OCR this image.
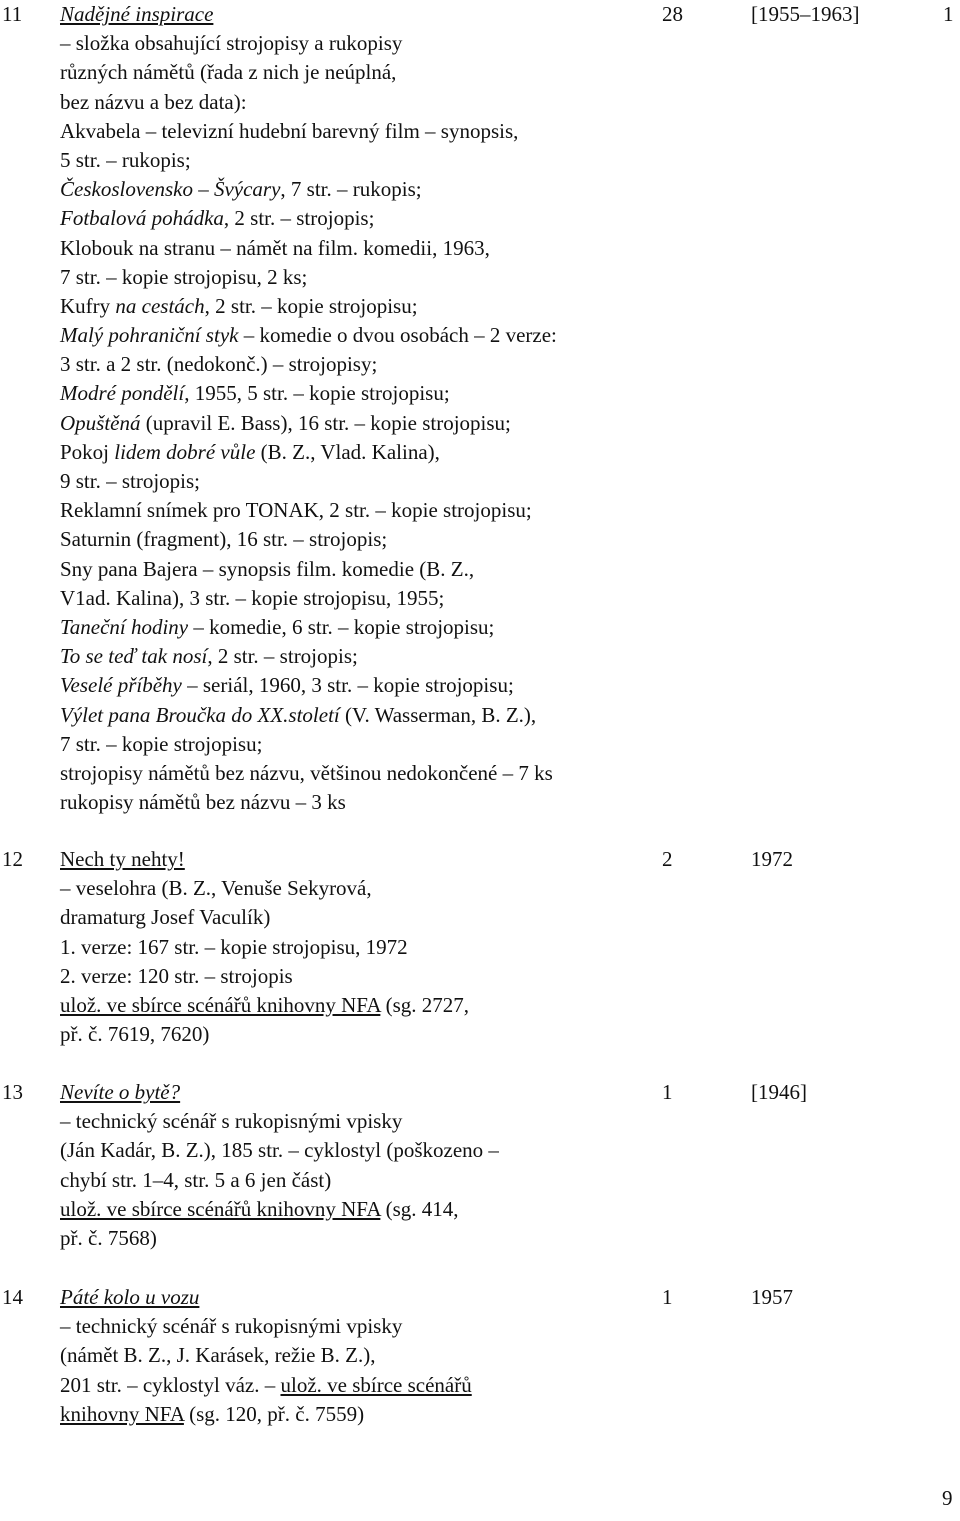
11 Nadějné inspirace
– složka obsahující strojopisy a rukopisy
různých námětů (řada z nich je neúplná,
bez názvu a bez data):
Akvabela – televizní hudební barevný film – synopsis,
5 str. – rukopis;
Československo – Švýcary, 7 str. – rukopis;
Fotbalová pohádka, 2 str. – strojopis;
Klobouk na stranu – námět na film. komedii, 1963,
7 str. – kopie strojopisu, 2 ks;
Kufry na cestách, 2 str. – kopie strojopisu;
Malý pohraniční styk – komedie o dvou osobách – 2 verze:
3 str. a 2 str. (nedokonč.) – strojopisy;
Modré pondělí, 1955, 5 str. – kopie strojopisu;
Opuštěná (upravil E. Bass), 16 str. – kopie strojopisu;
Pokoj lidem dobré vůle (B. Z., Vlad. Kalina),
9 str. – strojopis;
Reklamní snímek pro TONAK, 2 str. – kopie strojopisu;
Saturnin (fragment), 16 str. – strojopis;
Sny pana Bajera – synopsis film. komedie (B. Z.,
V1ad. Kalina), 3 str. – kopie strojopisu, 1955;
Taneční hodiny – komedie, 6 str. – kopie strojopisu;
To se teď tak nosí, 2 str. – strojopis;
Veselé příběhy – seriál, 1960, 3 str. – kopie strojopisu;
Výlet pana Broučka do XX.století (V. Wasserman, B. Z.),
7 str. – kopie strojopisu;
strojopisy námětů bez názvu, většinou nedokončené – 7 ks
rukopisy námětů bez názvu – 3 ks
28	[1955–1963]	1
12 Nech ty nehty!
– veselohra (B. Z., Venuše Sekyrová,
dramaturg Josef Vaculík)
1. verze: 167 str. – kopie strojopisu, 1972
2. verze: 120 str. – strojopis
ulož. ve sbírce scénářů knihovny NFA (sg. 2727,
př. č. 7619, 7620)
2	1972
13 Nevíte o bytě?
– technický scénář s rukopisnými vpisky
(Ján Kadár, B. Z.), 185 str. – cyklostyl (poškozeno –
chybí str. 1–4, str. 5 a 6 jen část)
ulož. ve sbírce scénářů knihovny NFA (sg. 414,
př. č. 7568)
1	[1946]
14 Páté kolo u vozu
– technický scénář s rukopisnými vpisky
(námět B. Z., J. Karásek, režie B. Z.),
201 str. – cyklostyl váz. – ulož. ve sbírce scénářů
knihovny NFA (sg. 120, př. č. 7559)
1	1957
9
